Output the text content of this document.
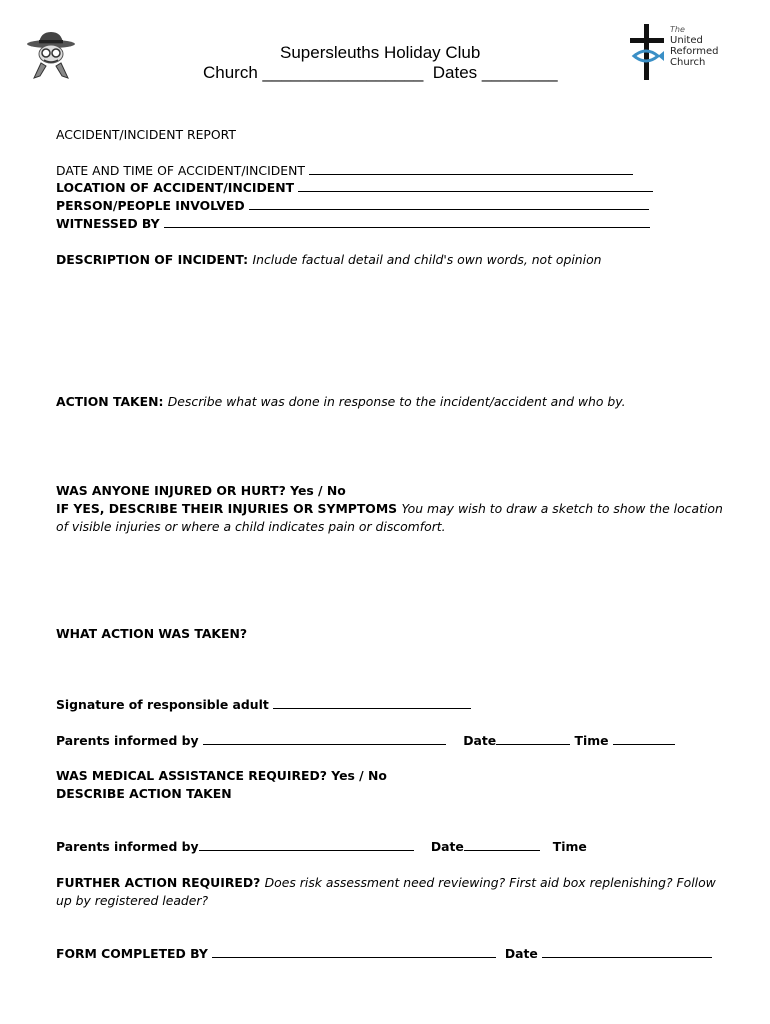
Supersleuths Holiday Club
Church _________________ Dates ________
The
United
Reformed
Church
ACCIDENT/INCIDENT REPORT
DATE AND TIME OF ACCIDENT/INCIDENT
LOCATION OF ACCIDENT/INCIDENT
PERSON/PEOPLE INVOLVED
WITNESSED BY
DESCRIPTION OF INCIDENT: Include factual detail and child's own words, not opinion
ACTION TAKEN: Describe what was done in response to the incident/accident and who by.
WAS ANYONE INJURED OR HURT? Yes / No
IF YES, DESCRIBE THEIR INJURIES OR SYMPTOMS You may wish to draw a sketch to show the location
of visible injuries or where a child indicates pain or discomfort.
WHAT ACTION WAS TAKEN?
Signature of responsible adult
Parents informed by	Date	Time
WAS MEDICAL ASSISTANCE REQUIRED? Yes / No
DESCRIBE ACTION TAKEN
Parents informed by	Date	Time
FURTHER ACTION REQUIRED? Does risk assessment need reviewing? First aid box replenishing? Follow
up by registered leader?
FORM COMPLETED BY	Date
